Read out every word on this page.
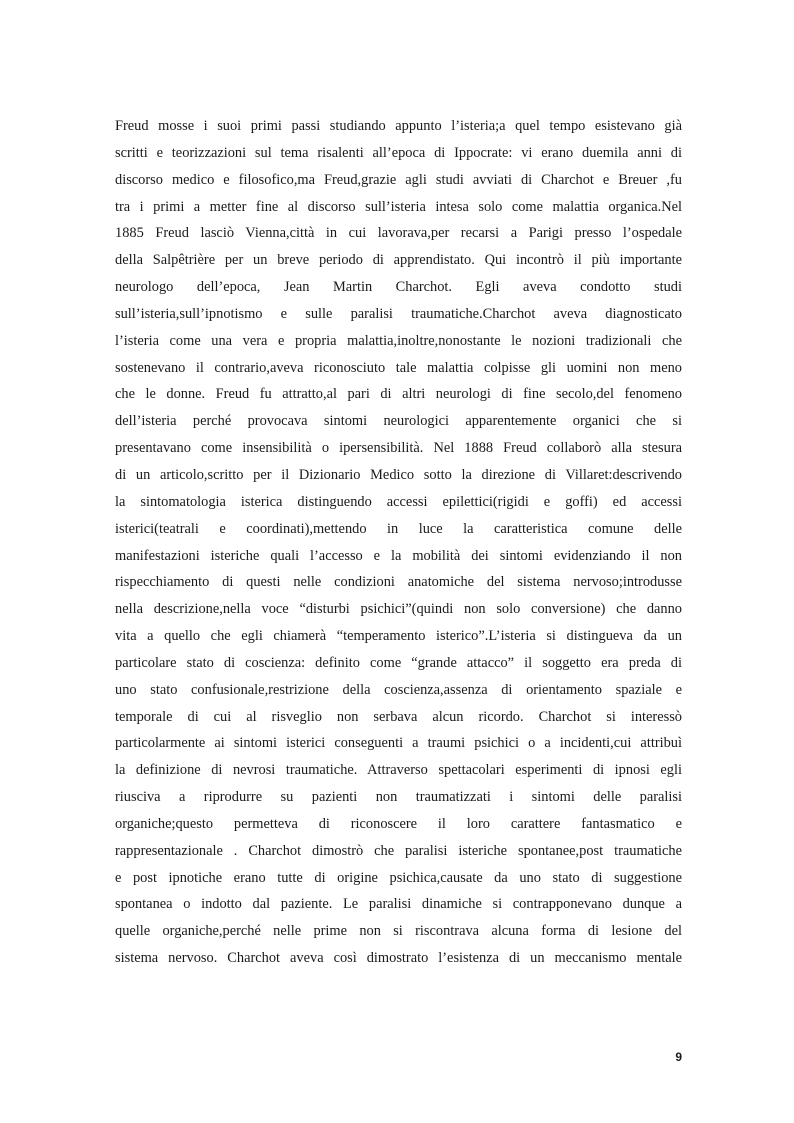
Freud mosse i suoi primi passi studiando appunto l’isteria;a quel tempo esistevano già
scritti e teorizzazioni sul tema risalenti all’epoca di Ippocrate: vi erano duemila anni di
discorso medico e filosofico,ma Freud,grazie agli studi avviati di Charchot e Breuer ,fu
tra i primi a metter fine al discorso sull’isteria intesa solo come malattia organica.Nel
1885 Freud lasciò Vienna,città in cui lavorava,per recarsi a Parigi presso l’ospedale
della Salpêtrière per un breve periodo di apprendistato. Qui incontrò il più importante
neurologo dell’epoca, Jean Martin Charchot. Egli aveva condotto studi
sull’isteria,sull’ipnotismo e sulle paralisi traumatiche.Charchot aveva diagnosticato
l’isteria come una vera e propria malattia,inoltre,nonostante le nozioni tradizionali che
sostenevano il contrario,aveva riconosciuto tale malattia colpisse gli uomini non meno
che le donne. Freud fu attratto,al pari di altri neurologi di fine secolo,del fenomeno
dell’isteria perché provocava sintomi neurologici apparentemente organici che si
presentavano come insensibilità o ipersensibilità. Nel 1888 Freud collaborò alla stesura
di un articolo,scritto per il Dizionario Medico sotto la direzione di Villaret:descrivendo
la sintomatologia isterica distinguendo accessi epilettici(rigidi e goffi) ed accessi
isterici(teatrali e coordinati),mettendo in luce la caratteristica comune delle
manifestazioni isteriche quali l’accesso e la mobilità dei sintomi evidenziando il non
rispecchiamento di questi nelle condizioni anatomiche del sistema nervoso;introdusse
nella descrizione,nella voce “disturbi psichici”(quindi non solo conversione) che danno
vita a quello che egli chiamerà “temperamento isterico”.L’isteria si distingueva da un
particolare stato di coscienza: definito come “grande attacco” il soggetto era preda di
uno stato confusionale,restrizione della coscienza,assenza di orientamento spaziale e
temporale di cui al risveglio non serbava alcun ricordo. Charchot si interessò
particolarmente ai sintomi isterici conseguenti a traumi psichici o a incidenti,cui attribuì
la definizione di nevrosi traumatiche. Attraverso spettacolari esperimenti di ipnosi egli
riusciva a riprodurre su pazienti non traumatizzati i sintomi delle paralisi
organiche;questo permetteva di riconoscere il loro carattere fantasmatico e
rappresentazionale . Charchot dimostrò che paralisi isteriche spontanee,post traumatiche
e post ipnotiche erano tutte di origine psichica,causate da uno stato di suggestione
spontanea o indotto dal paziente. Le paralisi dinamiche si contrapponevano dunque a
quelle organiche,perché nelle prime non si riscontrava alcuna forma di lesione del
sistema nervoso. Charchot aveva così dimostrato l’esistenza di un meccanismo mentale
9
